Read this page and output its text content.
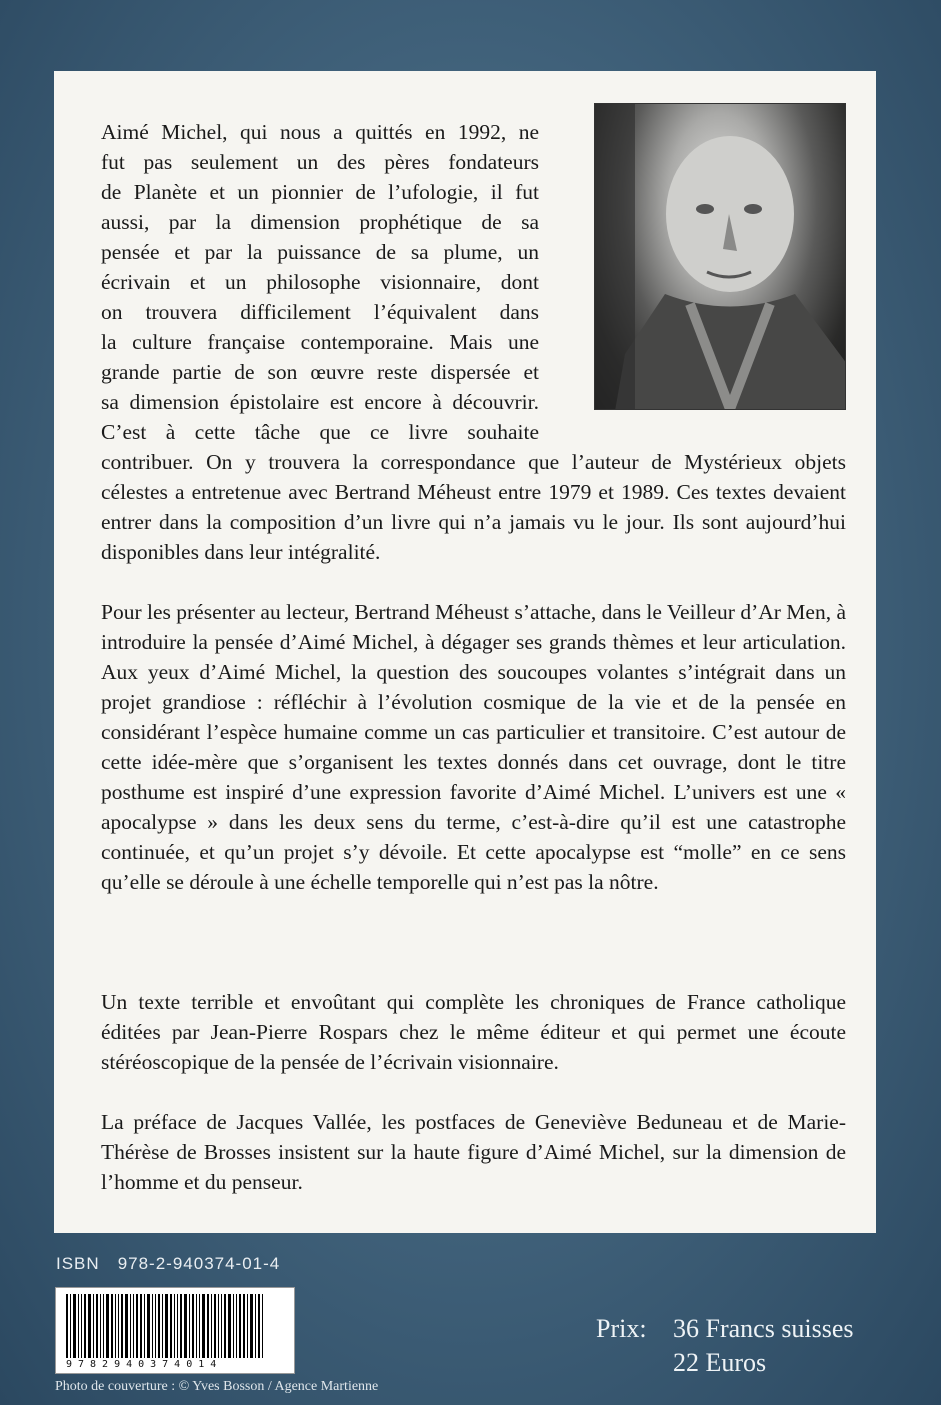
Aimé Michel, qui nous a quittés en 1992, ne

fut pas seulement un des pères fondateurs

de Planète et un pionnier de l’ufologie, il fut

aussi, par la dimension prophétique de sa

pensée et par la puissance de sa plume, un

écrivain et un philosophe visionnaire, dont

on trouvera difficilement l’équivalent dans

la culture française contemporaine. Mais une

grande partie de son œuvre reste dispersée et

sa dimension épistolaire est encore à découvrir.

C’est à cette tâche que ce livre souhaite

contribuer. On y trouvera la correspondance que l’auteur de Mystérieux objets célestes a entretenue avec Bertrand Méheust entre 1979 et 1989. Ces textes devaient entrer dans la composition d’un livre qui n’a jamais vu le jour. Ils sont aujourd’hui disponibles dans leur intégralité.

Pour les présenter au lecteur, Bertrand Méheust s’attache, dans le Veilleur d’Ar Men, à introduire la pensée d’Aimé Michel, à dégager ses grands thèmes et leur articulation. Aux yeux d’Aimé Michel, la question des soucoupes volantes s’intégrait dans un projet grandiose : réfléchir à l’évolution cosmique de la vie et de la pensée en considérant l’espèce humaine comme un cas particulier et transitoire. C’est autour de cette idée-mère que s’organisent les textes donnés dans cet ouvrage, dont le titre posthume est inspiré d’une expression favorite d’Aimé Michel. L’univers est une « apocalypse » dans les deux sens du terme, c’est-à-dire qu’il est une catastrophe continuée, et qu’un projet s’y dévoile. Et cette apocalypse est “molle” en ce sens qu’elle se déroule à une échelle temporelle qui n’est pas la nôtre.

Un texte terrible et envoûtant qui complète les chroniques de France catholique éditées par Jean-Pierre Rospars chez le même éditeur et qui permet une écoute stéréoscopique de la pensée de l’écrivain visionnaire.

La préface de Jacques Vallée, les postfaces de Geneviève Beduneau et de Marie-Thérèse de Brosses insistent sur la haute figure d’Aimé Michel, sur la dimension de l’homme et du penseur.

ISBN 978-2-940374-01-4
9782940374014
Prix: 36 Francs suisses
22 Euros
Photo de couverture : © Yves Bosson / Agence Martienne
